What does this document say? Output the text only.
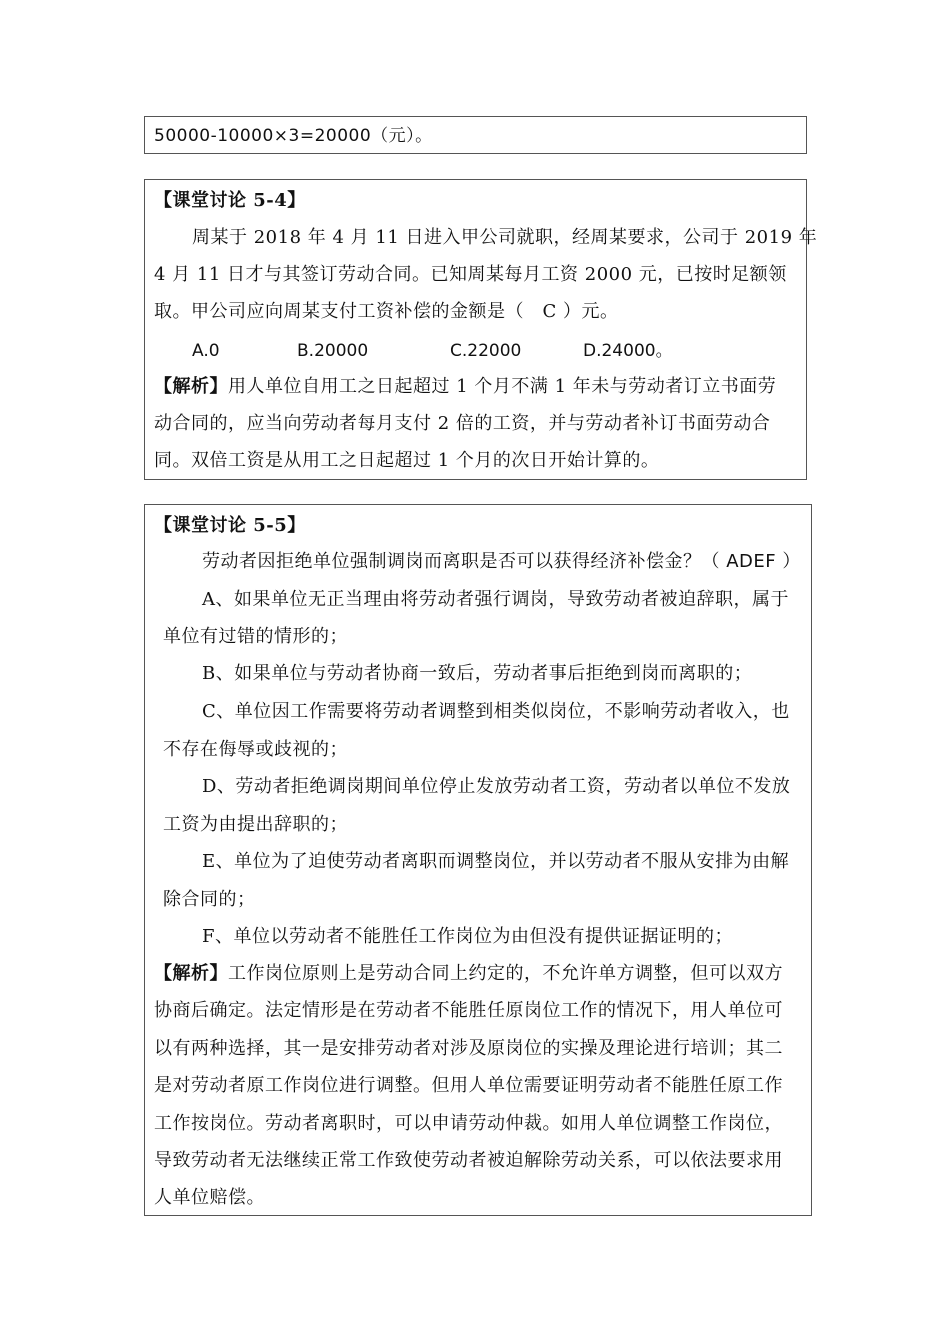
50000-10000×3=20000（元）。
【课堂讨论 5-4】
周某于 2018 年 4 月 11 日进入甲公司就职，经周某要求，公司于 2019 年
4 月 11 日才与其签订劳动合同。已知周某每月工资 2000 元，已按时足额领
取。甲公司应向周某支付工资补偿的金额是（　C ）元。
A.0	B.20000	C.22000	D.24000。
【解析】用人单位自用工之日起超过 1 个月不满 1 年未与劳动者订立书面劳
动合同的，应当向劳动者每月支付 2 倍的工资，并与劳动者补订书面劳动合
同。双倍工资是从用工之日起超过 1 个月的次日开始计算的。
【课堂讨论 5-5】
劳动者因拒绝单位强制调岗而离职是否可以获得经济补偿金？（ ADEF ）
A、如果单位无正当理由将劳动者强行调岗，导致劳动者被迫辞职，属于
单位有过错的情形的；
B、如果单位与劳动者协商一致后，劳动者事后拒绝到岗而离职的；
C、单位因工作需要将劳动者调整到相类似岗位，不影响劳动者收入，也
不存在侮辱或歧视的；
D、劳动者拒绝调岗期间单位停止发放劳动者工资，劳动者以单位不发放
工资为由提出辞职的；
E、单位为了迫使劳动者离职而调整岗位，并以劳动者不服从安排为由解
除合同的；
F、单位以劳动者不能胜任工作岗位为由但没有提供证据证明的；
【解析】工作岗位原则上是劳动合同上约定的，不允许单方调整，但可以双方
协商后确定。法定情形是在劳动者不能胜任原岗位工作的情况下，用人单位可
以有两种选择，其一是安排劳动者对涉及原岗位的实操及理论进行培训；其二
是对劳动者原工作岗位进行调整。但用人单位需要证明劳动者不能胜任原工作
工作按岗位。劳动者离职时，可以申请劳动仲裁。如用人单位调整工作岗位，
导致劳动者无法继续正常工作致使劳动者被迫解除劳动关系，可以依法要求用
人单位赔偿。
